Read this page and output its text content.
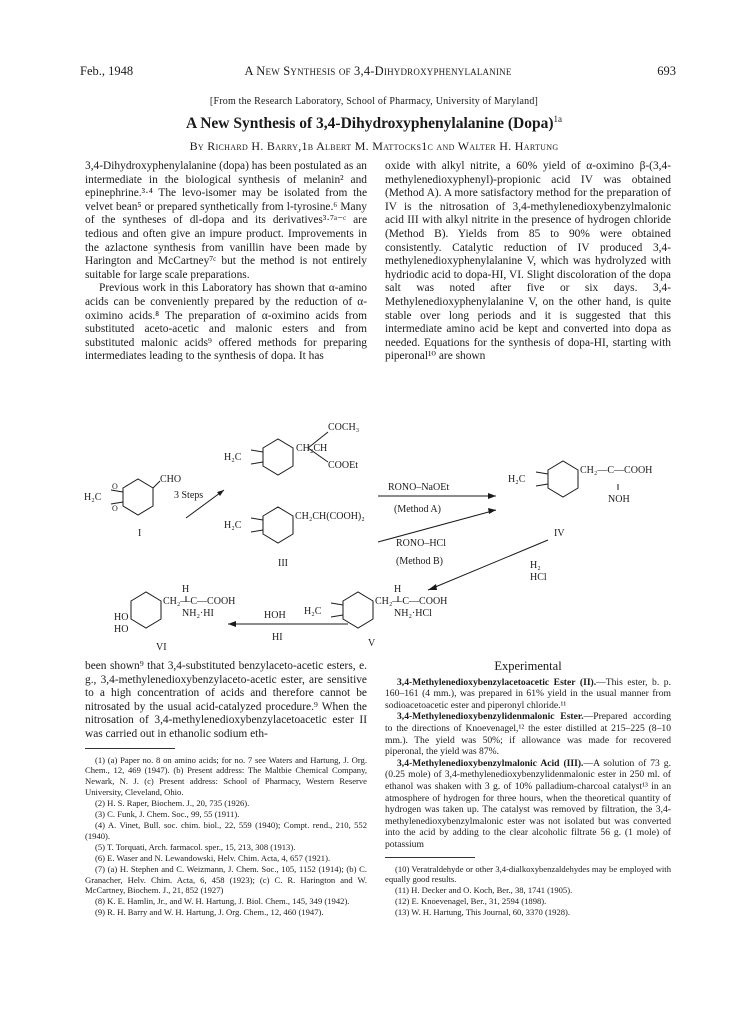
Feb., 1948	A New Synthesis of 3,4-Dihydroxyphenylalanine	693
[From the Research Laboratory, School of Pharmacy, University of Maryland]
A New Synthesis of 3,4-Dihydroxyphenylalanine (Dopa)$^{1a}$
By Richard H. Barry,1b Albert M. Mattocks1c and Walter H. Hartung

3,4-Dihydroxyphenylalanine (dopa) has been postulated as an intermediate in the biological synthesis of melanin² and epinephrine.³·⁴ The levo-isomer may be isolated from the velvet bean⁵ or prepared synthetically from l-tyrosine.⁶ Many of the syntheses of dl-dopa and its derivatives³·⁷ᵃ⁻ᶜ are tedious and often give an impure product. Improvements in the azlactone synthesis from vanillin have been made by Harington and McCartney⁷ᶜ but the method is not entirely suitable for large scale preparations.

Previous work in this Laboratory has shown that α-amino acids can be conveniently prepared by the reduction of α-oximino acids.⁸ The preparation of α-oximino acids from substituted aceto-acetic and malonic esters and from substituted malonic acids⁹ offered methods for preparing intermediates leading to the synthesis of dopa. It has

oxide with alkyl nitrite, a 60% yield of α-oximino β-(3,4-methylenedioxyphenyl)-propionic acid IV was obtained (Method A). A more satisfactory method for the preparation of IV is the nitrosation of 3,4-methylenedioxybenzylmalonic acid III with alkyl nitrite in the presence of hydrogen chloride (Method B). Yields from 85 to 90% were obtained consistently. Catalytic reduction of IV produced 3,4-methylenedioxyphenylalanine V, which was hydrolyzed with hydriodic acid to dopa-HI, VI. Slight discoloration of the dopa salt was noted after five or six days. 3,4-Methylenedioxyphenylalanine V, on the other hand, is quite stable over long periods and it is suggested that this intermediate amino acid be kept and converted into dopa as needed. Equations for the synthesis of dopa-HI, starting with piperonal¹⁰ are shown

H₂C
O
O
CHO
I
3 Steps
H₂C
COCH₃
CH₂CH
COOEt
H₂C
CH₂CH(COOH)₂
III
RONO–NaOEt
(Method A)
RONO–HCl
(Method B)
H₂C
CH₂—C—COOH
NOH
IV
H₂
HCl
H
H₂C
CH₂—C—COOH
NH₂·HCl
V
HOH
HI
H
CH₂—C—COOH
NH₂·HI
HO
HO
VI

been shown⁹ that 3,4-substituted benzylaceto-acetic esters, e. g., 3,4-methylenedioxybenzylaceto-acetic ester, are sensitive to a high concentration of acids and therefore cannot be nitrosated by the usual acid-catalyzed procedure.⁹ When the nitrosation of 3,4-methylenedioxybenzylacetoacetic ester II was carried out in ethanolic sodium eth-

(1) (a) Paper no. 8 on amino acids; for no. 7 see Waters and Hartung, J. Org. Chem., 12, 469 (1947). (b) Present address: The Maltbie Chemical Company, Newark, N. J. (c) Present address: School of Pharmacy, Western Reserve University, Cleveland, Ohio.

(2) H. S. Raper, Biochem. J., 20, 735 (1926).

(3) C. Funk, J. Chem. Soc., 99, 55 (1911).

(4) A. Vinet, Bull. soc. chim. biol., 22, 559 (1940); Compt. rend., 210, 552 (1940).

(5) T. Torquati, Arch. farmacol. sper., 15, 213, 308 (1913).

(6) E. Waser and N. Lewandowski, Helv. Chim. Acta, 4, 657 (1921).

(7) (a) H. Stephen and C. Weizmann, J. Chem. Soc., 105, 1152 (1914); (b) C. Granacher, Helv. Chim. Acta, 6, 458 (1923); (c) C. R. Harington and W. McCartney, Biochem. J., 21, 852 (1927)

(8) K. E. Hamlin, Jr., and W. H. Hartung, J. Biol. Chem., 145, 349 (1942).

(9) R. H. Barry and W. H. Hartung, J. Org. Chem., 12, 460 (1947).

Experimental

3,4-Methylenedioxybenzylacetoacetic Ester (II).—This ester, b. p. 160–161 (4 mm.), was prepared in 61% yield in the usual manner from sodioacetoacetic ester and piperonyl chloride.¹¹

3,4-Methylenedioxybenzylidenmalonic Ester.—Prepared according to the directions of Knoevenagel,¹² the ester distilled at 215–225 (8–10 mm.). The yield was 50%; if allowance was made for recovered piperonal, the yield was 87%.

3,4-Methylenedioxybenzylmalonic Acid (III).—A solution of 73 g. (0.25 mole) of 3,4-methylenedioxybenzylidenmalonic ester in 250 ml. of ethanol was shaken with 3 g. of 10% palladium-charcoal catalyst¹³ in an atmosphere of hydrogen for three hours, when the theoretical quantity of hydrogen was taken up. The catalyst was removed by filtration, the 3,4-methylenedioxybenzylmalonic ester was not isolated but was converted into the acid by adding to the clear alcoholic filtrate 56 g. (1 mole) of potassium

(10) Veratraldehyde or other 3,4-dialkoxybenzaldehydes may be employed with equally good results.

(11) H. Decker and O. Koch, Ber., 38, 1741 (1905).

(12) E. Knoevenagel, Ber., 31, 2594 (1898).

(13) W. H. Hartung, This Journal, 60, 3370 (1928).
